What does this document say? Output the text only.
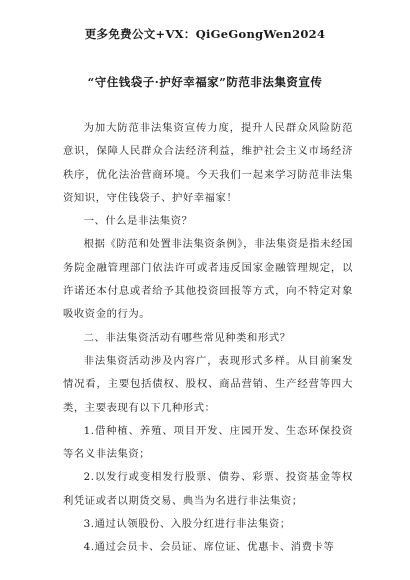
更多免费公文+VX：QiGeGongWen2024
“守住钱袋子·护好幸福家”防范非法集资宣传

为加大防范非法集资宣传力度，提升人民群众风险防范意识，保障人民群众合法经济利益，维护社会主义市场经济秩序，优化法治营商环境。今天我们一起来学习防范非法集资知识，守住钱袋子、护好幸福家！

一、什么是非法集资？

根据《防范和处置非法集资条例》，非法集资是指未经国务院金融管理部门依法许可或者违反国家金融管理规定，以许诺还本付息或者给予其他投资回报等方式，向不特定对象吸收资金的行为。

二、非法集资活动有哪些常见种类和形式？

非法集资活动涉及内容广，表现形式多样。从目前案发情况看，主要包括债权、股权、商品营销、生产经营等四大类，主要表现有以下几种形式：

1.借种植、养殖、项目开发、庄园开发、生态环保投资等名义非法集资；

2.以发行或变相发行股票、债券、彩票、投资基金等权利凭证或者以期货交易、典当为名进行非法集资；

3.通过认领股份、入股分红进行非法集资；

4.通过会员卡、会员证、席位证、优惠卡、消费卡等
